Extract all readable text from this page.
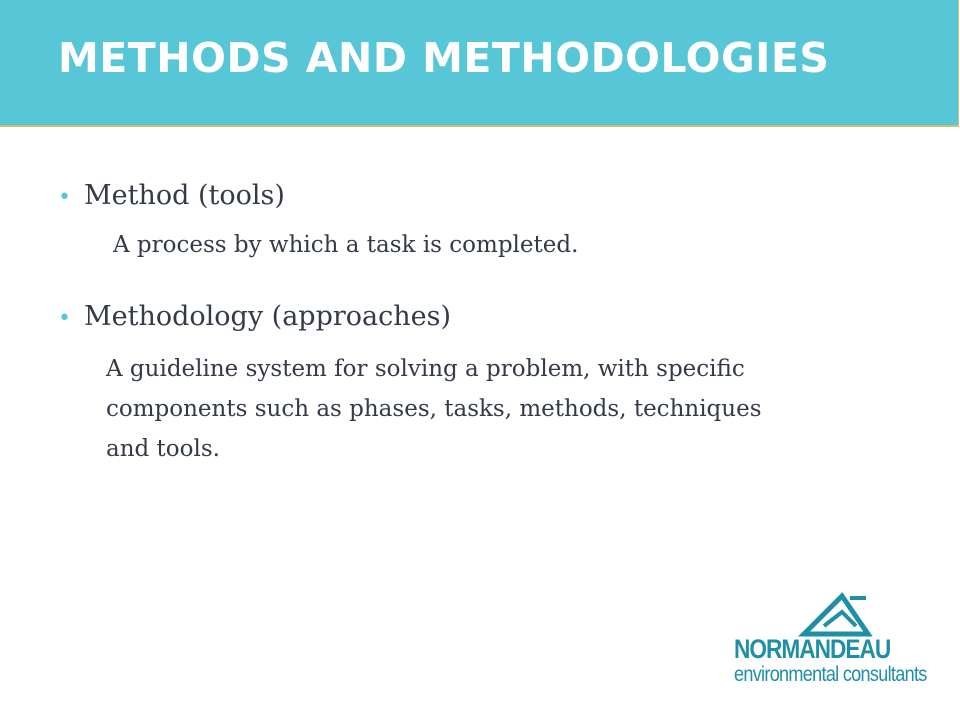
METHODS AND METHODOLOGIES
• Method (tools)
A process by which a task is completed.
• Methodology (approaches)
A guideline system for solving a problem, with specific
components such as phases, tasks, methods, techniques
and tools.
NORMANDEAU
environmental consultants
